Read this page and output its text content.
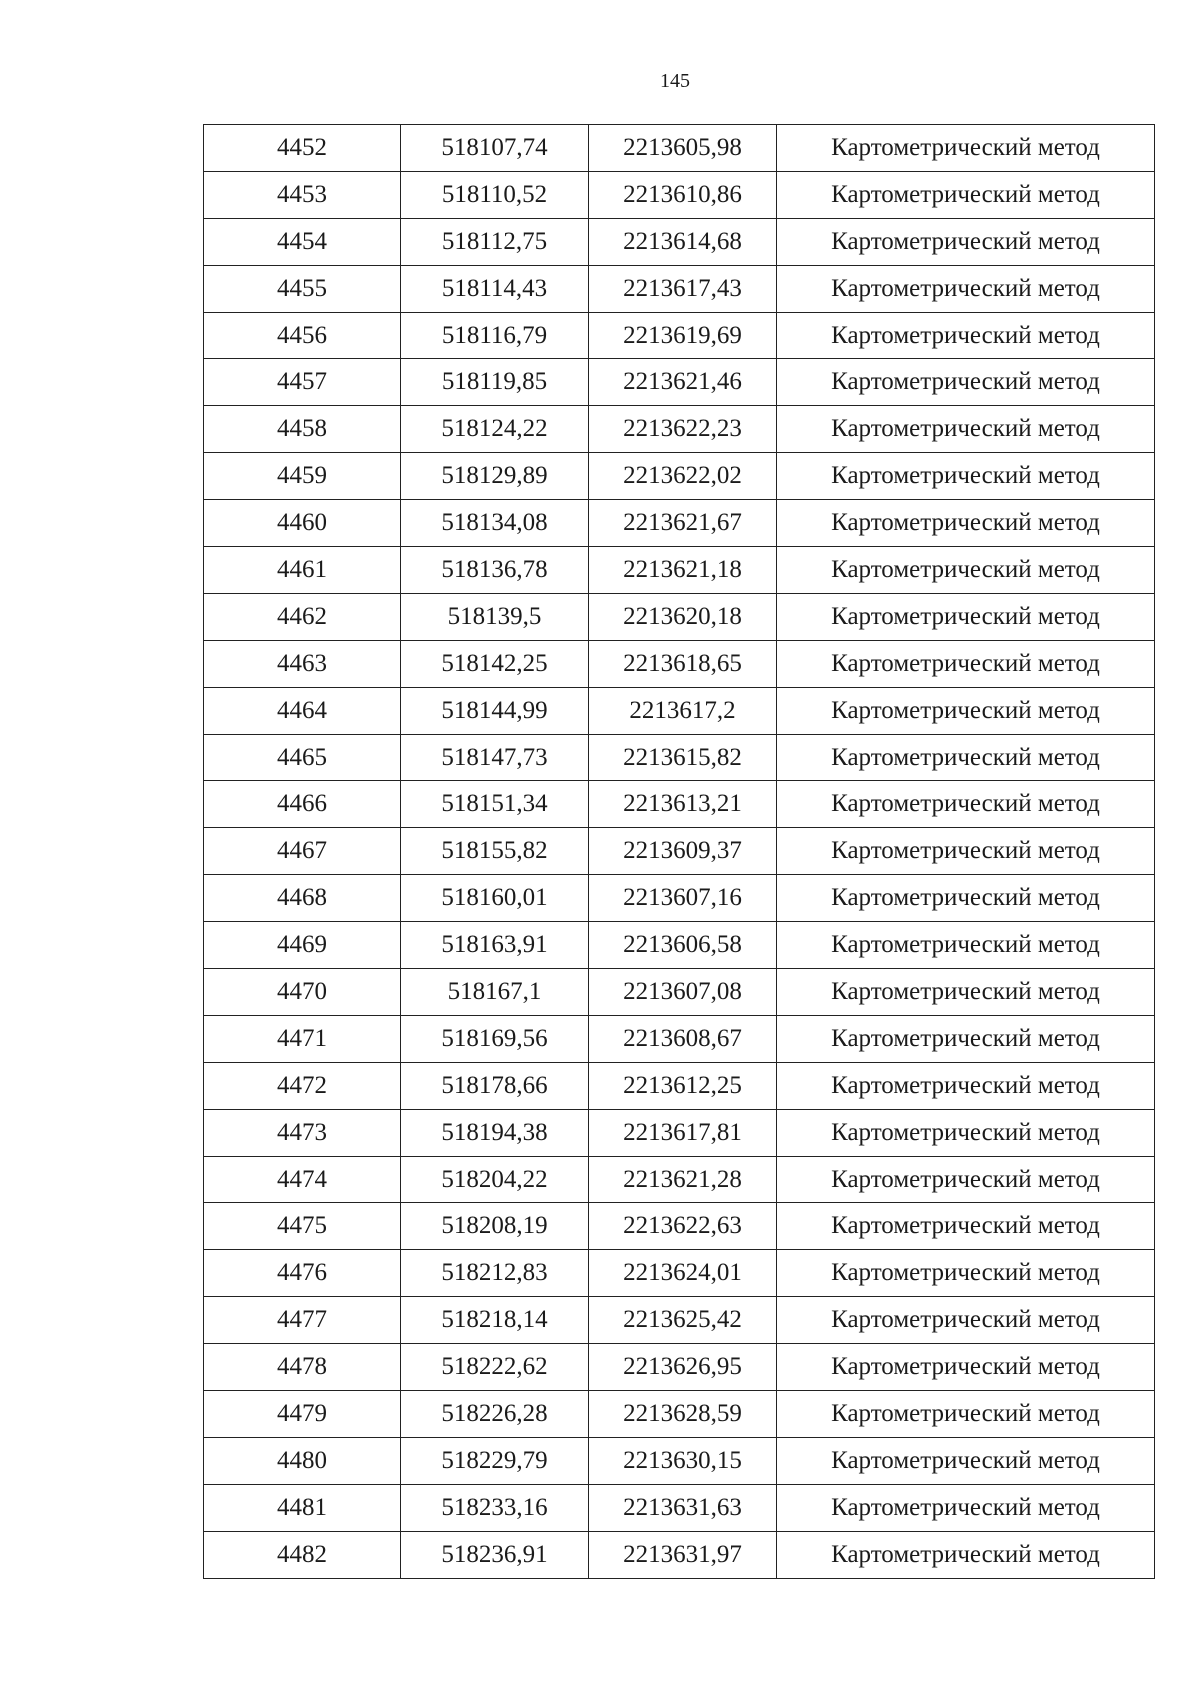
145
4452	518107,74	2213605,98	Картометрический метод
4453	518110,52	2213610,86	Картометрический метод
4454	518112,75	2213614,68	Картометрический метод
4455	518114,43	2213617,43	Картометрический метод
4456	518116,79	2213619,69	Картометрический метод
4457	518119,85	2213621,46	Картометрический метод
4458	518124,22	2213622,23	Картометрический метод
4459	518129,89	2213622,02	Картометрический метод
4460	518134,08	2213621,67	Картометрический метод
4461	518136,78	2213621,18	Картометрический метод
4462	518139,5	2213620,18	Картометрический метод
4463	518142,25	2213618,65	Картометрический метод
4464	518144,99	2213617,2	Картометрический метод
4465	518147,73	2213615,82	Картометрический метод
4466	518151,34	2213613,21	Картометрический метод
4467	518155,82	2213609,37	Картометрический метод
4468	518160,01	2213607,16	Картометрический метод
4469	518163,91	2213606,58	Картометрический метод
4470	518167,1	2213607,08	Картометрический метод
4471	518169,56	2213608,67	Картометрический метод
4472	518178,66	2213612,25	Картометрический метод
4473	518194,38	2213617,81	Картометрический метод
4474	518204,22	2213621,28	Картометрический метод
4475	518208,19	2213622,63	Картометрический метод
4476	518212,83	2213624,01	Картометрический метод
4477	518218,14	2213625,42	Картометрический метод
4478	518222,62	2213626,95	Картометрический метод
4479	518226,28	2213628,59	Картометрический метод
4480	518229,79	2213630,15	Картометрический метод
4481	518233,16	2213631,63	Картометрический метод
4482	518236,91	2213631,97	Картометрический метод
